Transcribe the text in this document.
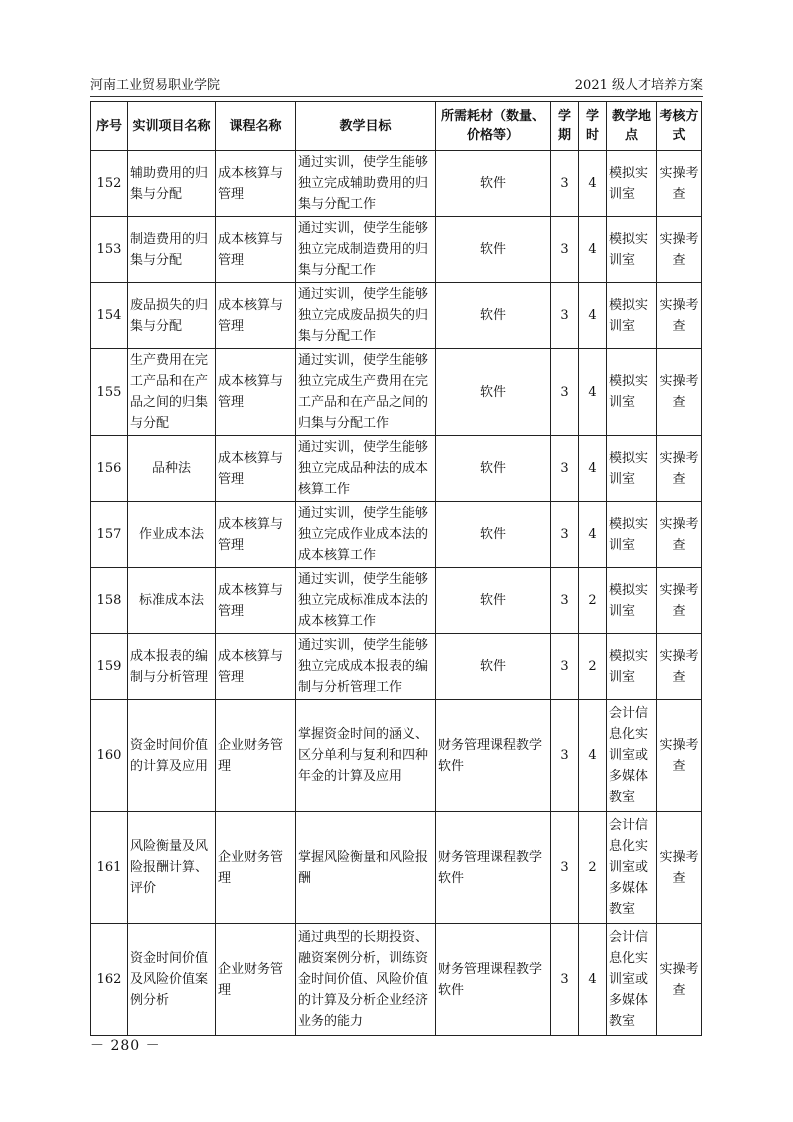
河南工业贸易职业学院	2021 级人才培养方案
序号	实训项目名称	课程名称	教学目标	所需耗材（数量、价格等）	学期	学时	教学地点	考核方式
152	辅助费用的归集与分配	成本核算与管理	通过实训，使学生能够独立完成辅助费用的归集与分配工作	软件	3	4	模拟实训室	实操考查
153	制造费用的归集与分配	成本核算与管理	通过实训，使学生能够独立完成制造费用的归集与分配工作	软件	3	4	模拟实训室	实操考查
154	废品损失的归集与分配	成本核算与管理	通过实训，使学生能够独立完成废品损失的归集与分配工作	软件	3	4	模拟实训室	实操考查
155	生产费用在完工产品和在产品之间的归集与分配	成本核算与管理	通过实训，使学生能够独立完成生产费用在完工产品和在产品之间的归集与分配工作	软件	3	4	模拟实训室	实操考查
156	品种法	成本核算与管理	通过实训，使学生能够独立完成品种法的成本核算工作	软件	3	4	模拟实训室	实操考查
157	作业成本法	成本核算与管理	通过实训，使学生能够独立完成作业成本法的成本核算工作	软件	3	4	模拟实训室	实操考查
158	标准成本法	成本核算与管理	通过实训，使学生能够独立完成标准成本法的成本核算工作	软件	3	2	模拟实训室	实操考查
159	成本报表的编制与分析管理	成本核算与管理	通过实训，使学生能够独立完成成本报表的编制与分析管理工作	软件	3	2	模拟实训室	实操考查
160	资金时间价值的计算及应用	企业财务管理	掌握资金时间的涵义、区分单利与复利和四种年金的计算及应用	财务管理课程教学软件	3	4	会计信息化实训室或多媒体教室	实操考查
161	风险衡量及风险报酬计算、评价	企业财务管理	掌握风险衡量和风险报酬	财务管理课程教学软件	3	2	会计信息化实训室或多媒体教室	实操考查
162	资金时间价值及风险价值案例分析	企业财务管理	通过典型的长期投资、融资案例分析，训练资金时间价值、风险价值的计算及分析企业经济业务的能力	财务管理课程教学软件	3	4	会计信息化实训室或多媒体教室	实操考查
－ 280 －
